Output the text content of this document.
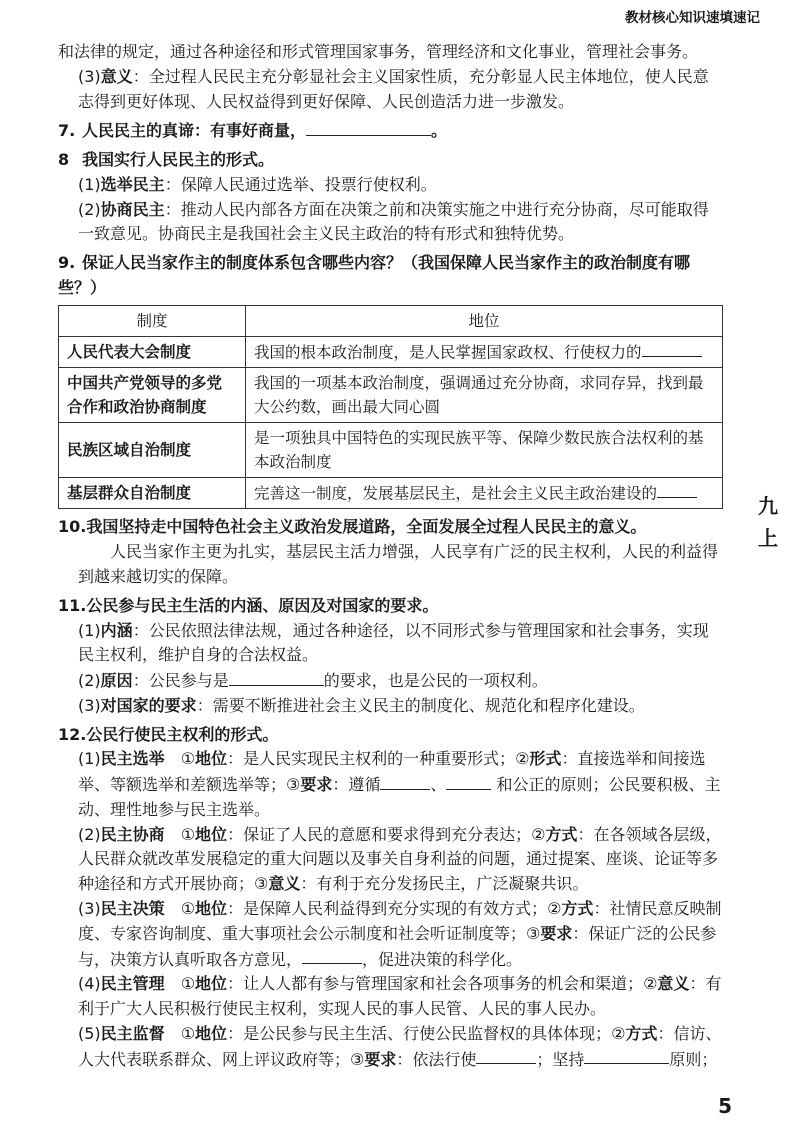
教材核心知识速填速记
九
上

和法律的规定，通过各种途径和形式管理国家事务，管理经济和文化事业，管理社会事务。

(3)意义：全过程人民民主充分彰显社会主义国家性质，充分彰显人民主体地位，使人民意志得到更好体现、人民权益得到更好保障、人民创造活力进一步激发。

7. 人民民主的真谛：有事好商量，	。

8 我国实行人民民主的形式。

(1)选举民主：保障人民通过选举、投票行使权利。

(2)协商民主：推动人民内部各方面在决策之前和决策实施之中进行充分协商，尽可能取得一致意见。协商民主是我国社会主义民主政治的特有形式和独特优势。

9. 保证人民当家作主的制度体系包含哪些内容？（我国保障人民当家作主的政治制度有哪些？）

制度	地位
人民代表大会制度	我国的根本政治制度，是人民掌握国家政权、行使权力的
中国共产党领导的多党合作和政治协商制度	我国的一项基本政治制度，强调通过充分协商，求同存异，找到最大公约数，画出最大同心圆
民族区域自治制度	是一项独具中国特色的实现民族平等、保障少数民族合法权利的基本政治制度
基层群众自治制度	完善这一制度，发展基层民主，是社会主义民主政治建设的

10.我国坚持走中国特色社会主义政治发展道路，全面发展全过程人民民主的意义。

人民当家作主更为扎实，基层民主活力增强，人民享有广泛的民主权利，人民的利益得到越来越切实的保障。

11.公民参与民主生活的内涵、原因及对国家的要求。

(1)内涵：公民依照法律法规，通过各种途径，以不同形式参与管理国家和社会事务，实现民主权利，维护自身的合法权益。

(2)原因：公民参与是	的要求，也是公民的一项权利。

(3)对国家的要求：需要不断推进社会主义民主的制度化、规范化和程序化建设。

12.公民行使民主权利的形式。

(1)民主选举　 ①地位：是人民实现民主权利的一种重要形式；②形式：直接选举和间接选举、等额选举和差额选举等；③要求：遵循	、	和公正的原则；公民要积极、主动、理性地参与民主选举。

(2)民主协商　 ①地位：保证了人民的意愿和要求得到充分表达；②方式：在各领域各层级，人民群众就改革发展稳定的重大问题以及事关自身利益的问题，通过提案、座谈、论证等多种途径和方式开展协商；③意义：有利于充分发扬民主，广泛凝聚共识。

(3)民主决策　 ①地位：是保障人民利益得到充分实现的有效方式；②方式：社情民意反映制度、专家咨询制度、重大事项社会公示制度和社会听证制度等；③要求：保证广泛的公民参与，决策方认真听取各方意见，	，促进决策的科学化。

(4)民主管理　 ①地位：让人人都有参与管理国家和社会各项事务的机会和渠道；②意义：有利于广大人民积极行使民主权利，实现人民的事人民管、人民的事人民办。

(5)民主监督　 ①地位：是公民参与民主生活、行使公民监督权的具体体现；②方式：信访、人大代表联系群众、网上评议政府等；③要求：依法行使	；坚持	原则；

5
